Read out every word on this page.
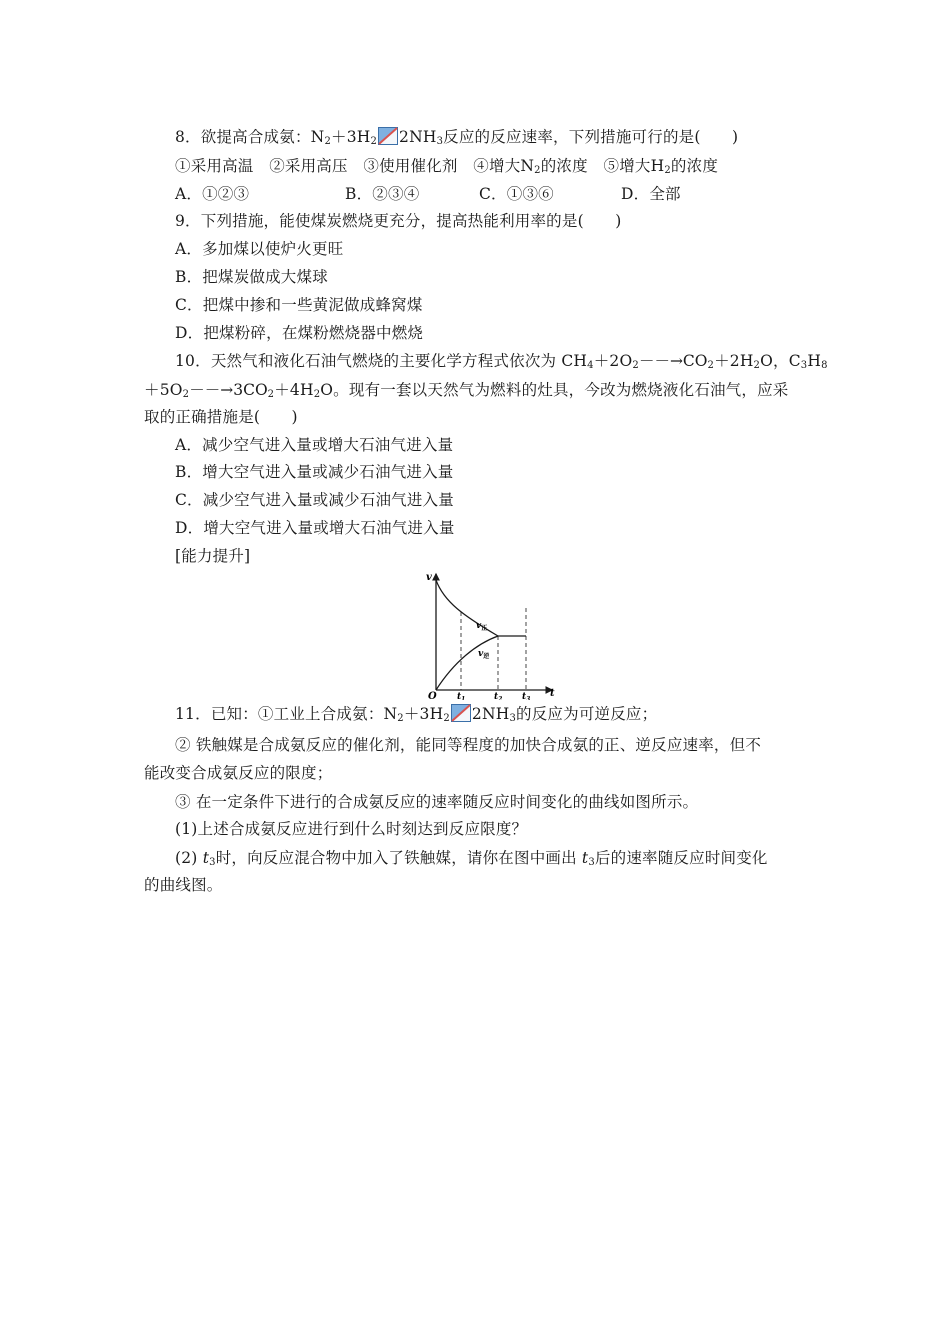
8．欲提高合成氨：$N_2+3H_2$ $2NH_3$反应的反应速率，下列措施可行的是(　　)
①采用高温　②采用高压　③使用催化剂　④增大$N_2$的浓度　⑤增大$H_2$的浓度
A．①②③	B．②③④	C．①③⑥	D．全部
9．下列措施，能使煤炭燃烧更充分，提高热能利用率的是(　　)
A．多加煤以使炉火更旺
B．把煤炭做成大煤球
C．把煤中掺和一些黄泥做成蜂窝煤
D．把煤粉碎，在煤粉燃烧器中燃烧
10．天然气和液化石油气燃烧的主要化学方程式依次为 $CH_4+2O_2--\to CO_2+2H_2O$，$C_3H_8$
$+5O_2--\to 3CO_2+4H_2O$。现有一套以天然气为燃料的灶具，今改为燃烧液化石油气，应采
取的正确措施是(　　)
A．减少空气进入量或增大石油气进入量
B．增大空气进入量或减少石油气进入量
C．减少空气进入量或减少石油气进入量
D．增大空气进入量或增大石油气进入量
[能力提升]
v
t
O $t_1$	$t_2$ $t_3$
$v_正$
$v_逆$
11．已知：①工业上合成氨：$N_2+3H_2$ $2NH_3$的反应为可逆反应；
② 铁触媒是合成氨反应的催化剂，能同等程度的加快合成氨的正、逆反应速率，但不
能改变合成氨反应的限度；
③ 在一定条件下进行的合成氨反应的速率随反应时间变化的曲线如图所示。
(1)上述合成氨反应进行到什么时刻达到反应限度？
(2) $t_3$时，向反应混合物中加入了铁触媒，请你在图中画出 $t_3$后的速率随反应时间变化
的曲线图。
